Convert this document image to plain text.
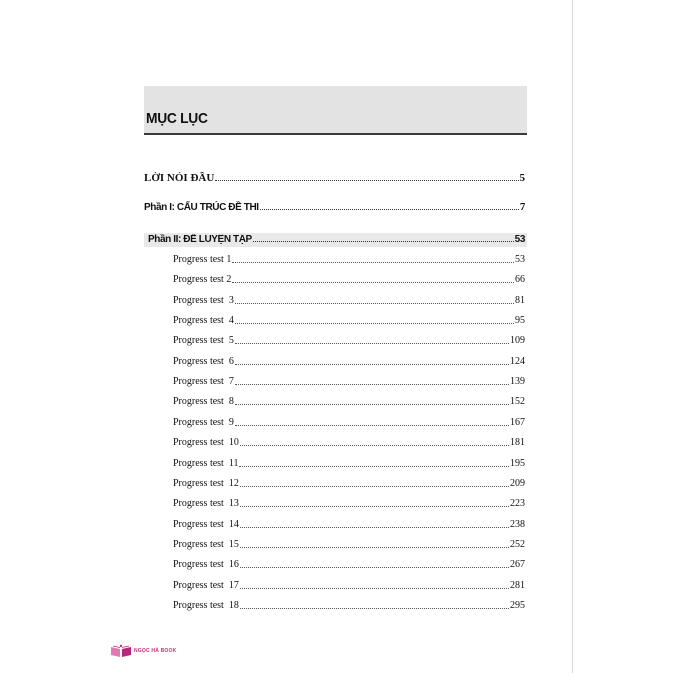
MỤC LỤC
LỜI NÓI ĐẦU	5
Phần I: CẤU TRÚC ĐỀ THI	7
Phần II: ĐỀ LUYỆN TẬP	53
Progress test 1	53
Progress test 2	66
Progress test  3	81
Progress test  4	95
Progress test  5	109
Progress test  6	124
Progress test  7	139
Progress test  8	152
Progress test  9	167
Progress test  10	181
Progress test  11	195
Progress test  12	209
Progress test  13	223
Progress test  14	238
Progress test  15	252
Progress test  16	267
Progress test  17	281
Progress test  18	295
NGỌC HÀ BOOK
